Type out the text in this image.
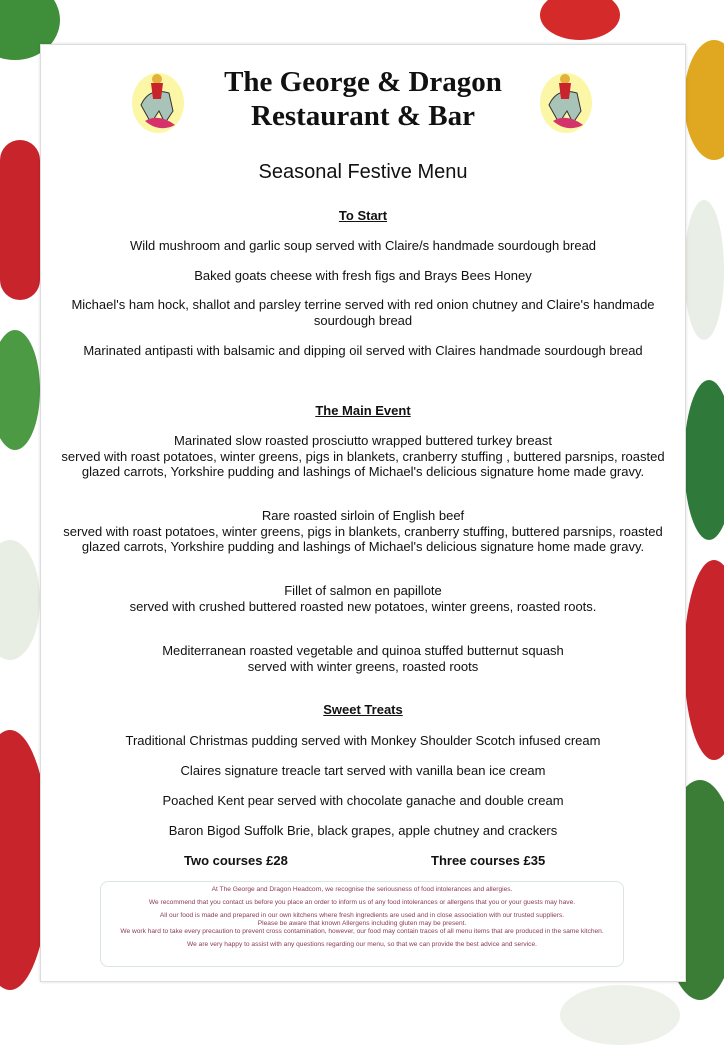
The George & Dragon
Restaurant & Bar
Seasonal Festive Menu
To Start
Wild mushroom and garlic soup served with Claire/s handmade sourdough bread
Baked goats cheese with fresh figs and Brays Bees Honey
Michael's ham hock, shallot and parsley terrine served with red onion chutney and Claire's handmade sourdough bread
Marinated antipasti with balsamic and dipping oil served with Claires handmade sourdough bread
The Main Event
Marinated slow roasted prosciutto wrapped buttered turkey breast
served with roast potatoes, winter greens, pigs in blankets, cranberry stuffing , buttered parsnips, roasted glazed carrots, Yorkshire pudding and lashings of Michael's delicious signature home made gravy.
Rare roasted sirloin of English beef
served with roast potatoes, winter greens, pigs in blankets, cranberry stuffing, buttered parsnips, roasted glazed carrots, Yorkshire pudding and lashings of Michael's delicious signature home made gravy.
Fillet of salmon en papillote
served with crushed buttered roasted new potatoes, winter greens, roasted roots.
Mediterranean roasted vegetable and quinoa stuffed butternut squash
served with winter greens, roasted roots
Sweet Treats
Traditional Christmas pudding served with Monkey Shoulder Scotch infused cream
Claires signature treacle tart served with vanilla bean ice cream
Poached Kent pear served with chocolate ganache and double cream
Baron Bigod Suffolk Brie, black grapes, apple chutney and crackers
Two courses £28	Three courses £35

At The George and Dragon Headcorn, we recognise the seriousness of food intolerances and allergies.

We recommend that you contact us before you place an order to inform us of any food intolerances or allergens that you or your guests may have.

All our food is made and prepared in our own kitchens where fresh ingredients are used and in close association with our trusted suppliers.

Please be aware that known Allergens including gluten may be present.

We work hard to take every precaution to prevent cross contamination, however, our food may contain traces of all menu items that are produced in the same kitchen.

We are very happy to assist with any questions regarding our menu, so that we can provide the best advice and service.
